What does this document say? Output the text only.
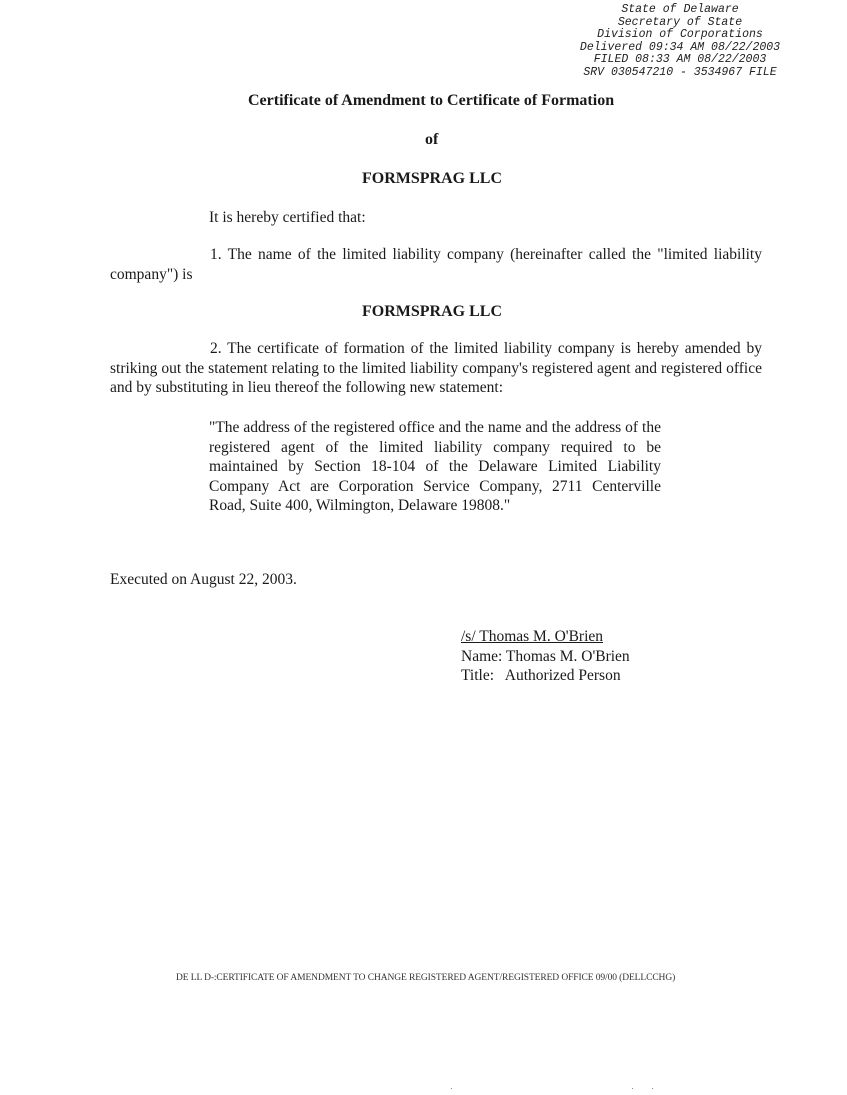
State of Delaware
Secretary of State
Division of Corporations
Delivered 09:34 AM 08/22/2003
FILED 08:33 AM 08/22/2003
SRV 030547210 - 3534967 FILE
Certificate of Amendment to Certificate of Formation
of
FORMSPRAG LLC
It is hereby certified that:
1. The name of the limited liability company (hereinafter called the "limited liability company") is
FORMSPRAG LLC
2. The certificate of formation of the limited liability company is hereby amended by striking out the statement relating to the limited liability company's registered agent and registered office and by substituting in lieu thereof the following new statement:
"The address of the registered office and the name and the address of the registered agent of the limited liability company required to be maintained by Section 18-104 of the Delaware Limited Liability Company Act are Corporation Service Company, 2711 Centerville Road, Suite 400, Wilmington, Delaware 19808."
Executed on August 22, 2003.
/s/ Thomas M. O'Brien
Name: Thomas M. O'Brien
Title:   Authorized Person
DE LL D-:CERTIFICATE OF AMENDMENT TO CHANGE REGISTERED AGENT/REGISTERED OFFICE 09/00 (DELLCCHG)
